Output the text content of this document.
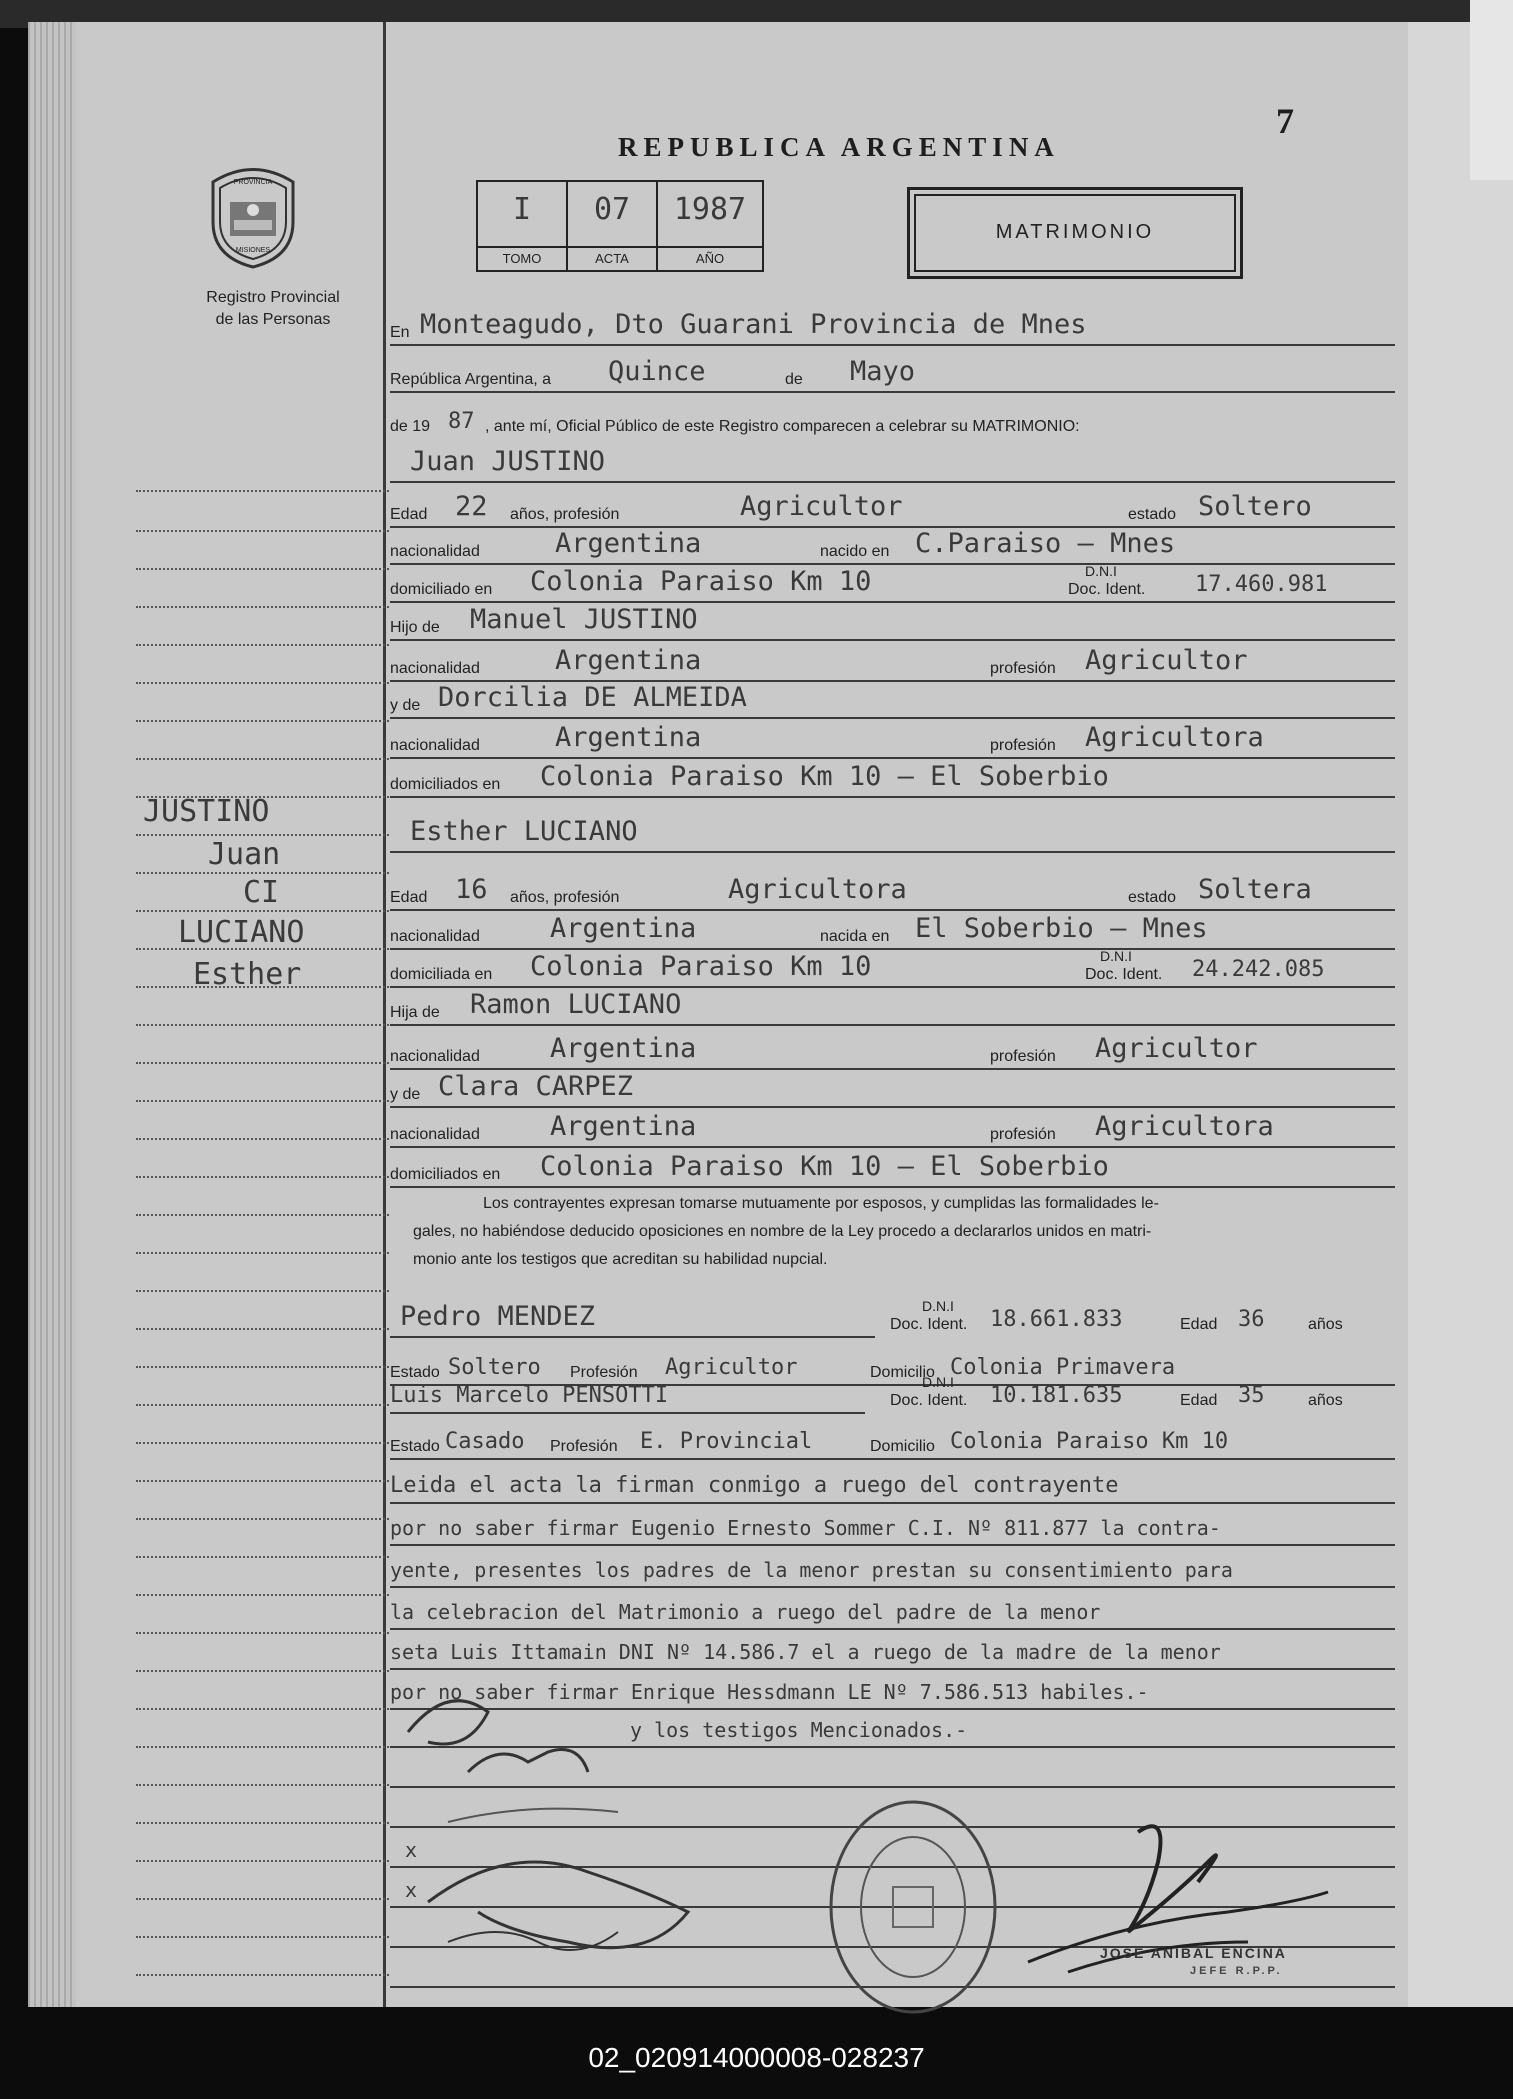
PROVINCIA
MISIONES
Registro Provincial
de las Personas
REPUBLICA ARGENTINA
7
I
TOMO
07
ACTA
1987
AÑO
MATRIMONIO
En Monteagudo, Dto Guarani Provincia de Mnes
República Argentina, a Quince	de Mayo
de 19 87 , ante mí, Oficial Público de este Registro comparecen a celebrar su MATRIMONIO:
Juan JUSTINO
Edad 22 años, profesión	Agricultor	estado Soltero
nacionalidad	Argentina	nacido en C.Paraiso — Mnes
domiciliado en Colonia Paraiso Km 10	D.N.I
Doc. Ident. 17.460.981
Hijo de Manuel JUSTINO
nacionalidad	Argentina	profesión Agricultor
y de Dorcilia DE ALMEIDA
nacionalidad	Argentina	profesión Agricultora
domiciliados en Colonia Paraiso Km 10 — El Soberbio
Esther LUCIANO
Edad 16 años, profesión	Agricultora	estado Soltera
nacionalidad	Argentina	nacida en El Soberbio — Mnes
domiciliada en Colonia Paraiso Km 10	D.N.I
Doc. Ident. 24.242.085
Hija de Ramon LUCIANO
nacionalidad	Argentina	profesión Agricultor
y de Clara CARPEZ
nacionalidad	Argentina	profesión Agricultora
domiciliados en Colonia Paraiso Km 10 — El Soberbio
Los contrayentes expresan tomarse mutuamente por esposos, y cumplidas las formalidades le-
gales, no habiéndose deducido oposiciones en nombre de la Ley procedo a declararlos unidos en matri-
monio ante los testigos que acreditan su habilidad nupcial.
Pedro MENDEZ	D.N.I
Doc. Ident. 18.661.833	Edad 36	años
Estado Soltero Profesión Agricultor	Domicilio Colonia Primavera
Luis Marcelo PENSOTTI
D.N.I
Doc. Ident. 10.181.635	Edad 35	años
Estado Casado Profesión E. Provincial	Domicilio Colonia Paraiso Km 10
Leida el acta la firman conmigo a ruego del contrayente
por no saber firmar Eugenio Ernesto Sommer C.I. Nº 811.877 la contra-
yente, presentes los padres de la menor prestan su consentimiento para
la celebracion del Matrimonio a ruego del padre de la menor
seta Luis Ittamain DNI Nº 14.586.7 el a ruego de la madre de la menor
por no saber firmar Enrique Hessdmann LE Nº 7.586.513 habiles.-
y los testigos Mencionados.-
x
x
JUSTINO
Juan
CI
LUCIANO
Esther
JOSE ANIBAL ENCINA
JEFE R.P.P.
02_020914000008-028237
